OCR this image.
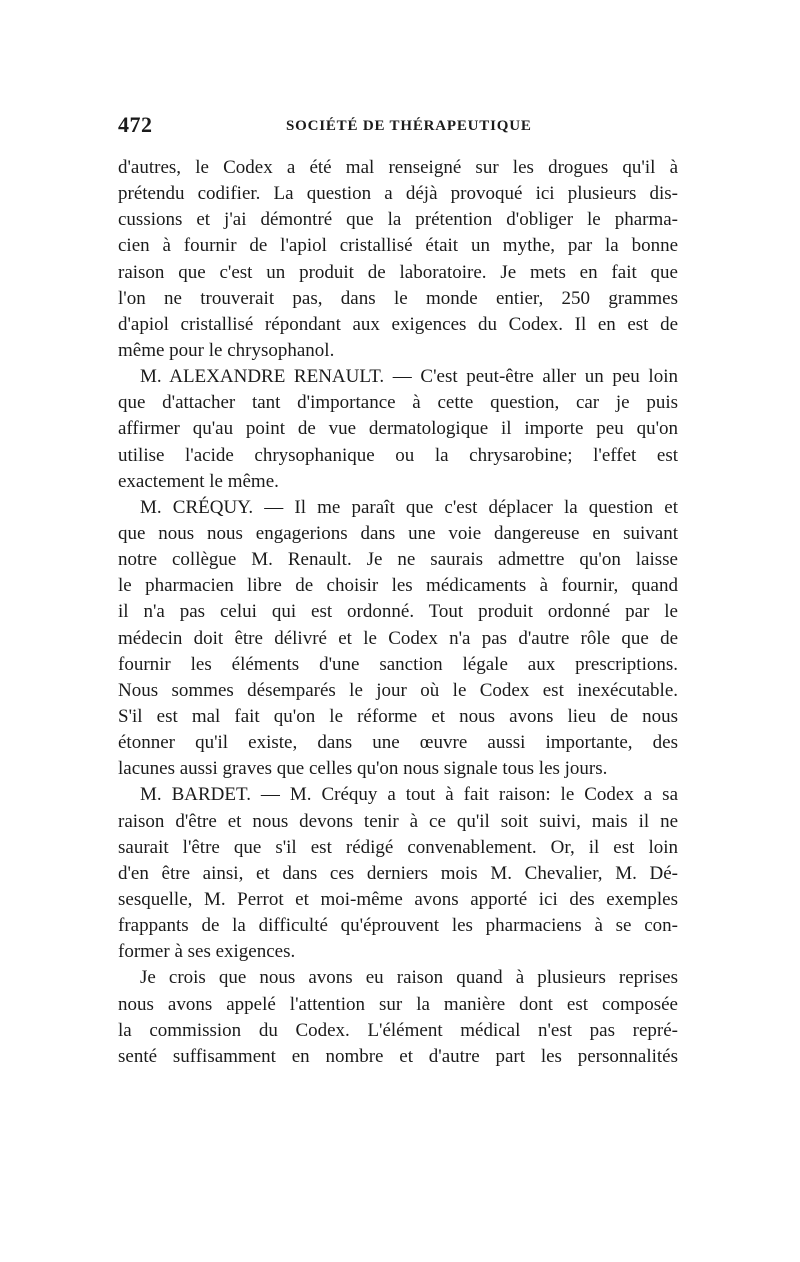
472	SOCIÉTÉ DE THÉRAPEUTIQUE
d'autres, le Codex a été mal renseigné sur les drogues qu'il à
prétendu codifier. La question a déjà provoqué ici plusieurs dis-
cussions et j'ai démontré que la prétention d'obliger le pharma-
cien à fournir de l'apiol cristallisé était un mythe, par la bonne
raison que c'est un produit de laboratoire. Je mets en fait que
l'on ne trouverait pas, dans le monde entier, 250 grammes
d'apiol cristallisé répondant aux exigences du Codex. Il en est de
même pour le chrysophanol.
M. ALEXANDRE RENAULT. — C'est peut-être aller un peu loin
que d'attacher tant d'importance à cette question, car je puis
affirmer qu'au point de vue dermatologique il importe peu qu'on
utilise l'acide chrysophanique ou la chrysarobine; l'effet est
exactement le même.
M. CRÉQUY. — Il me paraît que c'est déplacer la question et
que nous nous engagerions dans une voie dangereuse en suivant
notre collègue M. Renault. Je ne saurais admettre qu'on laisse
le pharmacien libre de choisir les médicaments à fournir, quand
il n'a pas celui qui est ordonné. Tout produit ordonné par le
médecin doit être délivré et le Codex n'a pas d'autre rôle que de
fournir les éléments d'une sanction légale aux prescriptions.
Nous sommes désemparés le jour où le Codex est inexécutable.
S'il est mal fait qu'on le réforme et nous avons lieu de nous
étonner qu'il existe, dans une œuvre aussi importante, des
lacunes aussi graves que celles qu'on nous signale tous les jours.
M. BARDET. — M. Créquy a tout à fait raison: le Codex a sa
raison d'être et nous devons tenir à ce qu'il soit suivi, mais il ne
saurait l'être que s'il est rédigé convenablement. Or, il est loin
d'en être ainsi, et dans ces derniers mois M. Chevalier, M. Dé-
sesquelle, M. Perrot et moi-même avons apporté ici des exemples
frappants de la difficulté qu'éprouvent les pharmaciens à se con-
former à ses exigences.
Je crois que nous avons eu raison quand à plusieurs reprises
nous avons appelé l'attention sur la manière dont est composée
la commission du Codex. L'élément médical n'est pas repré-
senté suffisamment en nombre et d'autre part les personnalités
